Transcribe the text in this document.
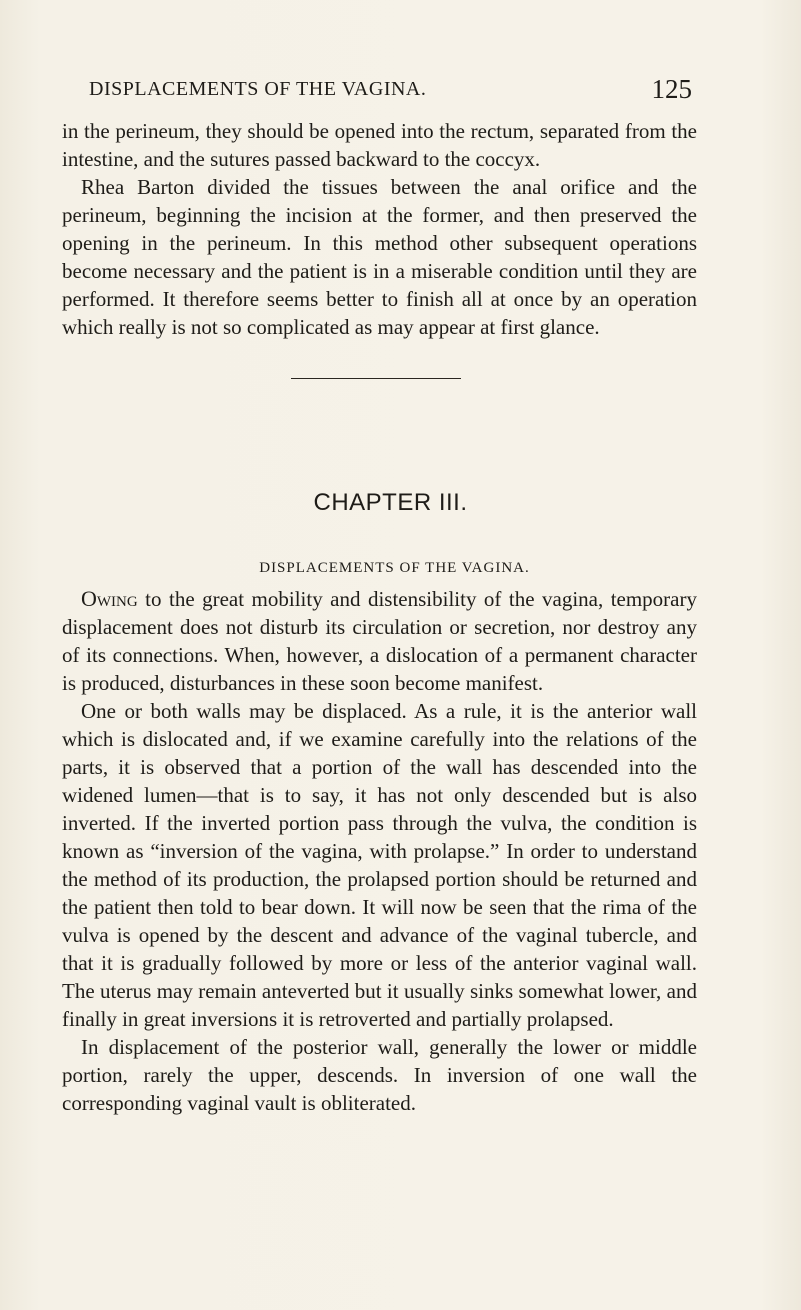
DISPLACEMENTS OF THE VAGINA.	125

in the perineum, they should be opened into the rectum, separated from the intestine, and the sutures passed backward to the coccyx.

Rhea Barton divided the tissues between the anal orifice and the perineum, beginning the incision at the former, and then preserved the opening in the perineum. In this method other subsequent operations become necessary and the patient is in a miserable condition until they are performed. It therefore seems better to finish all at once by an operation which really is not so complicated as may appear at first glance.

CHAPTER III.
DISPLACEMENTS OF THE VAGINA.

Owing to the great mobility and distensibility of the vagina, temporary displacement does not disturb its circulation or secretion, nor destroy any of its connections. When, however, a dislocation of a permanent character is produced, disturbances in these soon become manifest.

One or both walls may be displaced. As a rule, it is the anterior wall which is dislocated and, if we examine carefully into the relations of the parts, it is observed that a portion of the wall has descended into the widened lumen—that is to say, it has not only descended but is also inverted. If the inverted portion pass through the vulva, the condition is known as “inversion of the vagina, with prolapse.” In order to understand the method of its production, the prolapsed portion should be returned and the patient then told to bear down. It will now be seen that the rima of the vulva is opened by the descent and advance of the vaginal tubercle, and that it is gradually followed by more or less of the anterior vaginal wall. The uterus may remain anteverted but it usually sinks somewhat lower, and finally in great inversions it is retroverted and partially prolapsed.

In displacement of the posterior wall, generally the lower or middle portion, rarely the upper, descends. In inversion of one wall the corresponding vaginal vault is obliterated.
